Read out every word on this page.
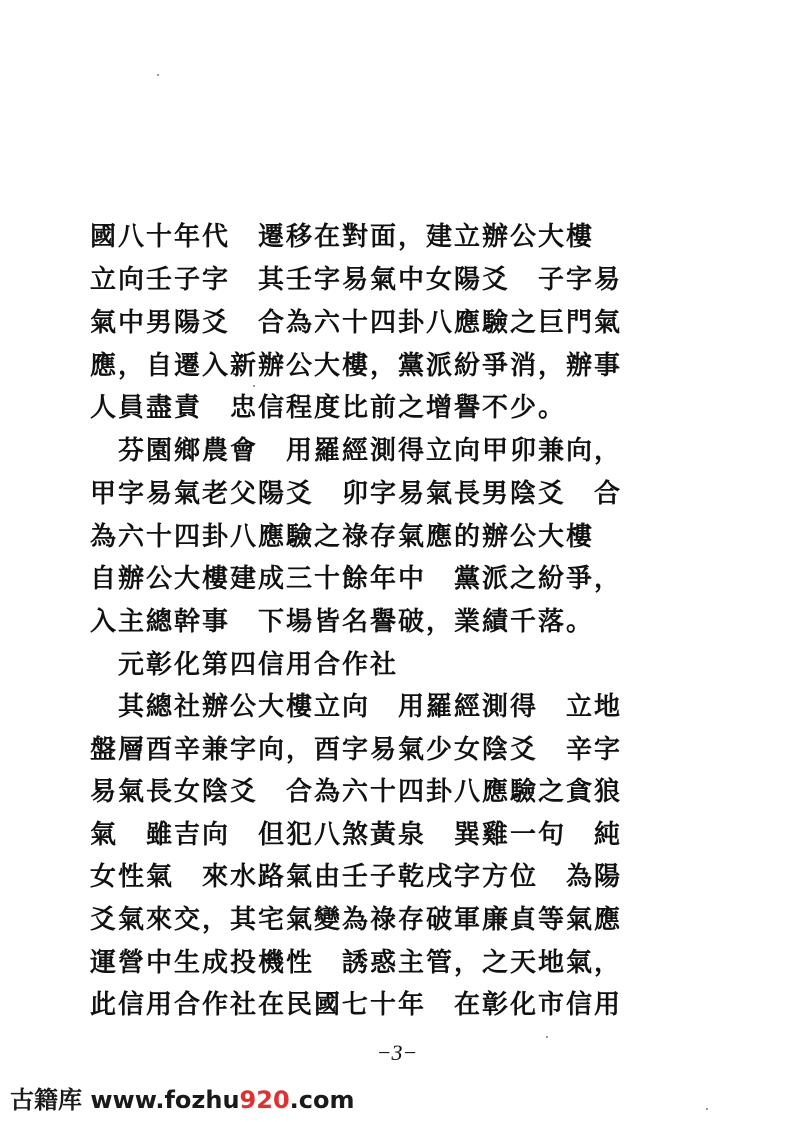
國八十年代　遷移在對面，建立辦公大樓
立向壬子字　其壬字易氣中女陽爻　子字易
氣中男陽爻　合為六十四卦八應驗之巨門氣
應，自遷入新辦公大樓，黨派紛爭消，辦事
人員盡責　忠信程度比前之增譽不少。
　芬園鄉農會　用羅經測得立向甲卯兼向，
甲字易氣老父陽爻　卯字易氣長男陰爻　合
為六十四卦八應驗之祿存氣應的辦公大樓
自辦公大樓建成三十餘年中　黨派之紛爭，
入主總幹事　下場皆名譽破，業績千落。
　元彰化第四信用合作社
　其總社辦公大樓立向　用羅經測得　立地
盤層酉辛兼字向，酉字易氣少女陰爻　辛字
易氣長女陰爻　合為六十四卦八應驗之貪狼
氣　雖吉向　但犯八煞黃泉　巽雞一句　純
女性氣　來水路氣由壬子乾戌字方位　為陽
爻氣來交，其宅氣變為祿存破軍廉貞等氣應
運營中生成投機性　誘惑主管，之天地氣，
此信用合作社在民國七十年　在彰化市信用
−3−
古籍库 www.fozhu920.com
